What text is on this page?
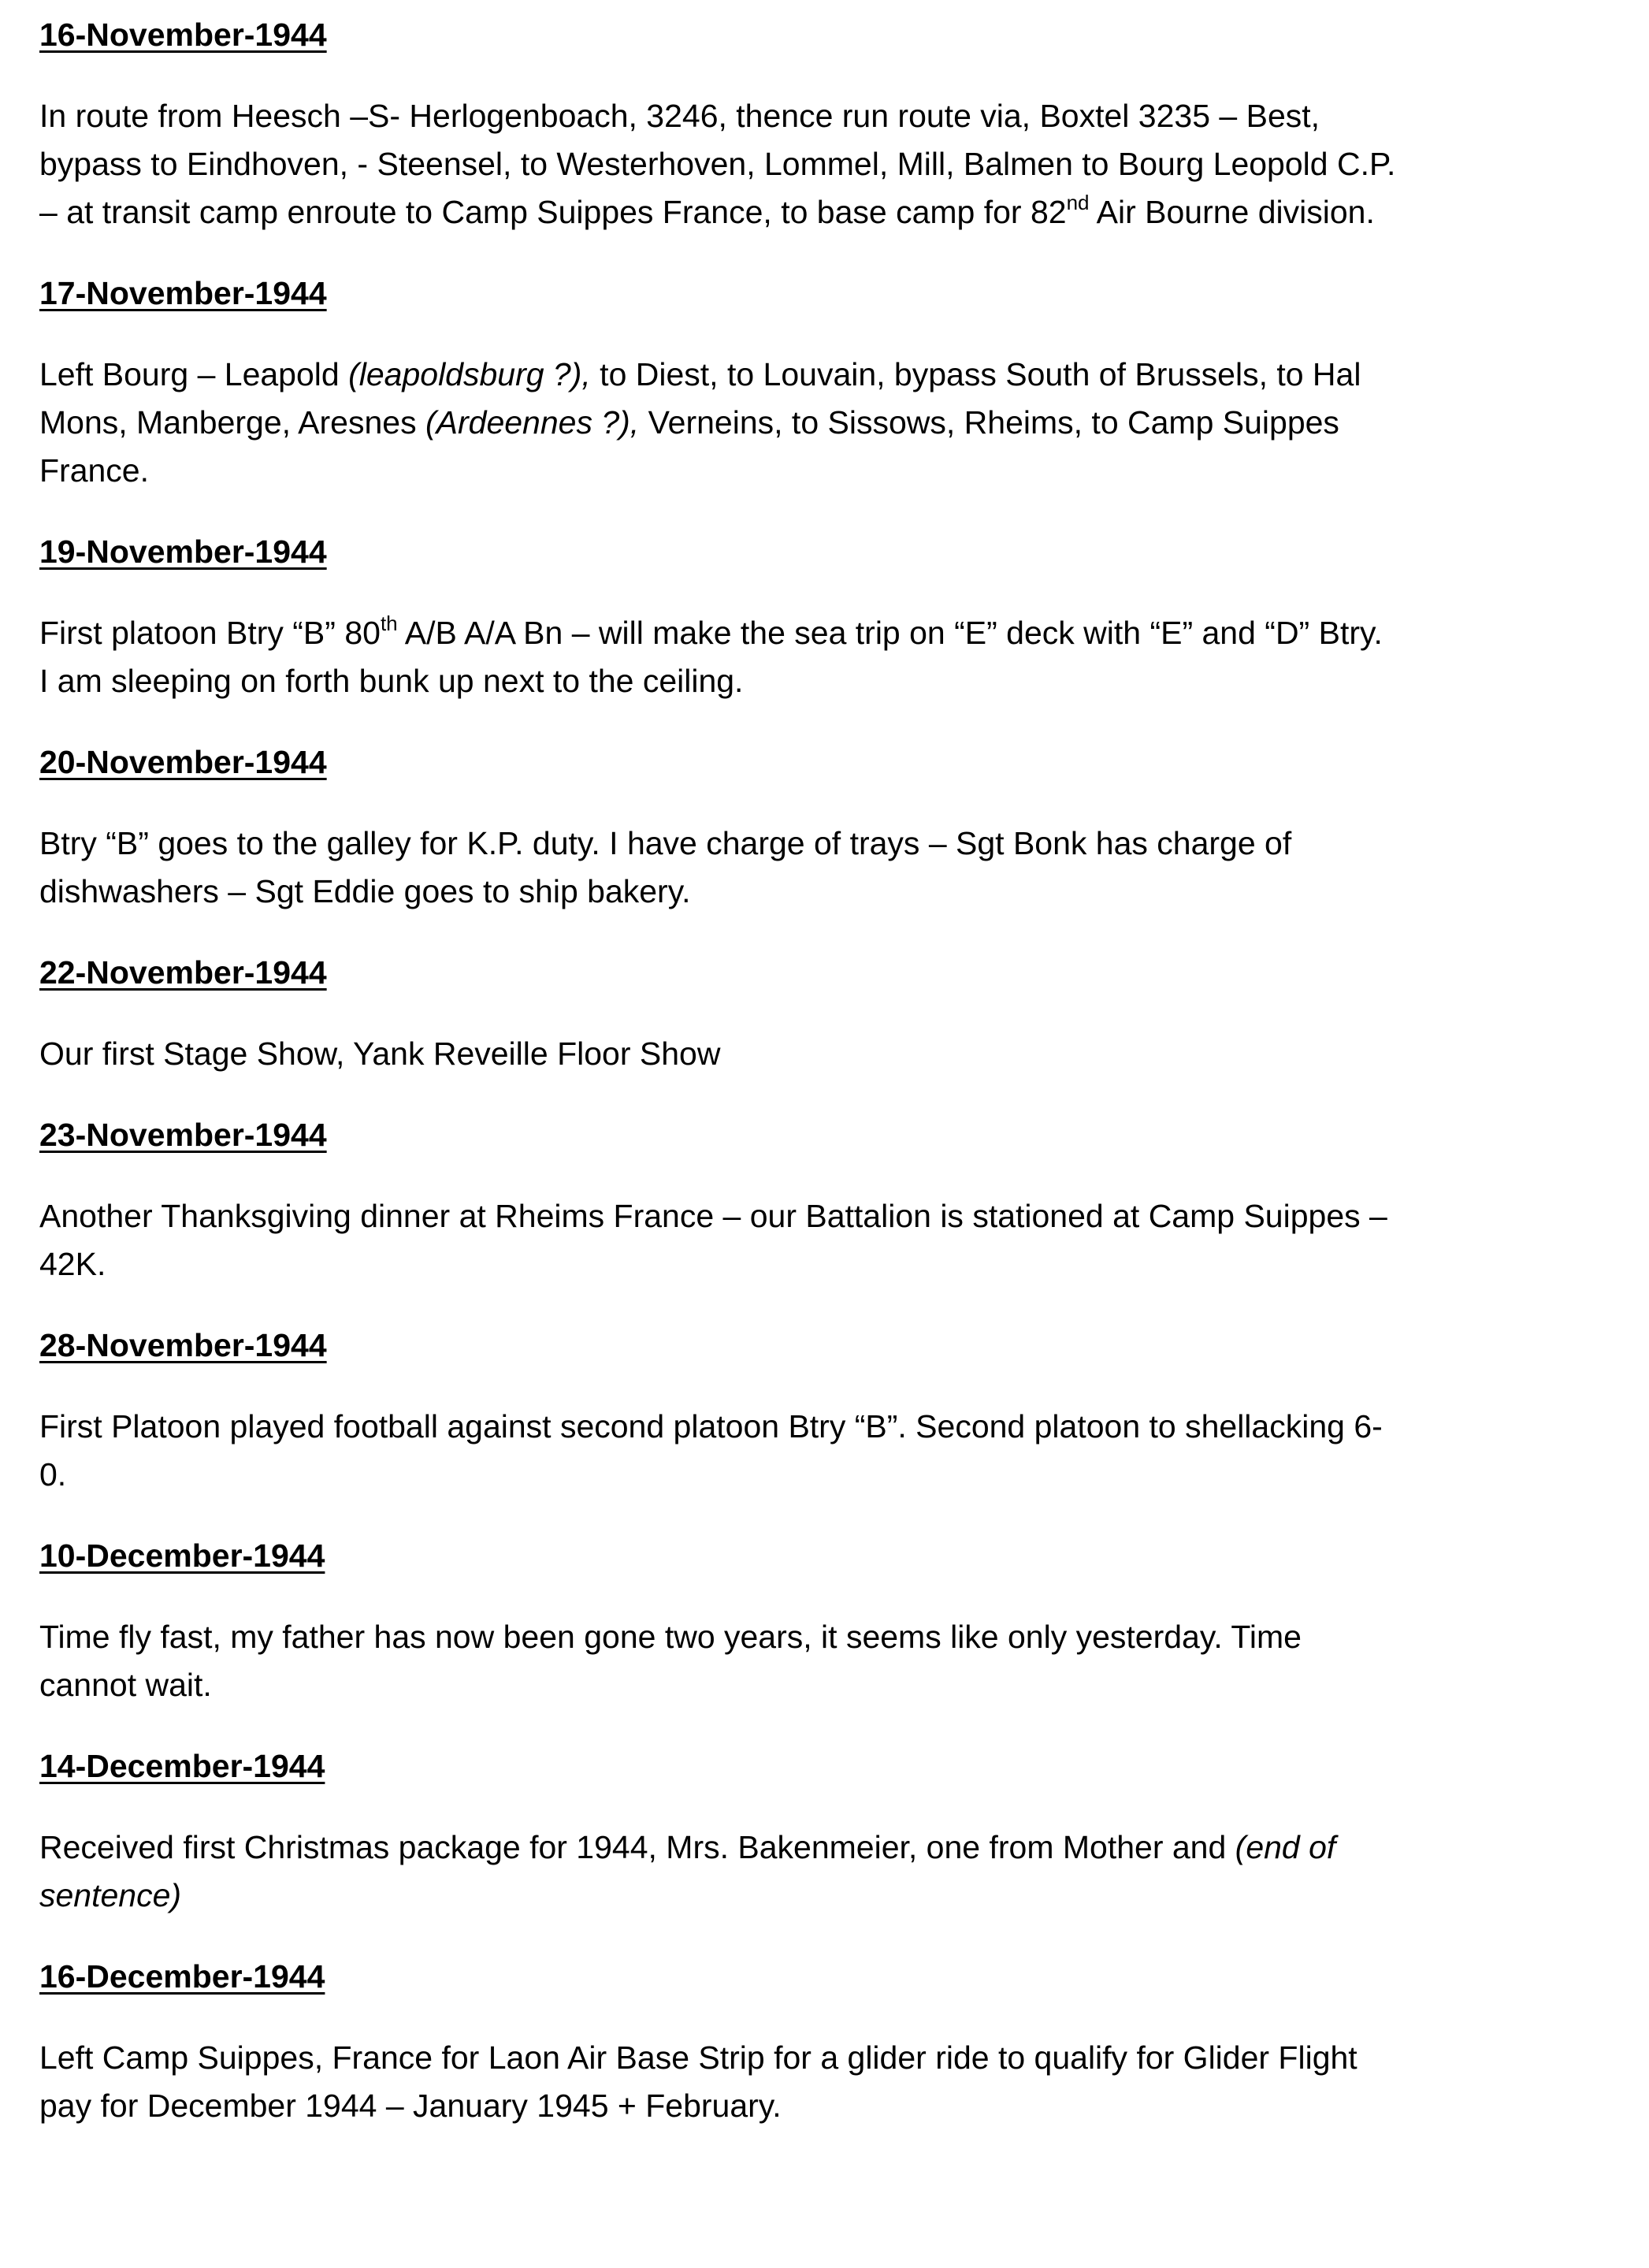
16-November-1944

In route from Heesch –S- Herlogenboach, 3246, thence run route via, Boxtel 3235 – Best,
bypass to Eindhoven, - Steensel, to Westerhoven, Lommel, Mill, Balmen to Bourg Leopold C.P.
– at transit camp enroute to Camp Suippes France, to base camp for 82nd Air Bourne division.

17-November-1944

Left Bourg – Leapold (leapoldsburg ?), to Diest, to Louvain, bypass South of Brussels, to Hal
Mons, Manberge, Aresnes (Ardeennes ?), Verneins, to Sissows, Rheims, to Camp Suippes
France.

19-November-1944

First platoon Btry “B” 80th A/B A/A Bn – will make the sea trip on “E” deck with “E” and “D” Btry.
I am sleeping on forth bunk up next to the ceiling.

20-November-1944

Btry “B” goes to the galley for K.P. duty. I have charge of trays – Sgt Bonk has charge of
dishwashers – Sgt Eddie goes to ship bakery.

22-November-1944

Our first Stage Show, Yank Reveille Floor Show

23-November-1944

Another Thanksgiving dinner at Rheims France – our Battalion is stationed at Camp Suippes –
42K.

28-November-1944

First Platoon played football against second platoon Btry “B”. Second platoon to shellacking 6-
0.

10-December-1944

Time fly fast, my father has now been gone two years, it seems like only yesterday. Time
cannot wait.

14-December-1944

Received first Christmas package for 1944, Mrs. Bakenmeier, one from Mother and (end of
sentence)

16-December-1944

Left Camp Suippes, France for Laon Air Base Strip for a glider ride to qualify for Glider Flight
pay for December 1944 – January 1945 + February.
